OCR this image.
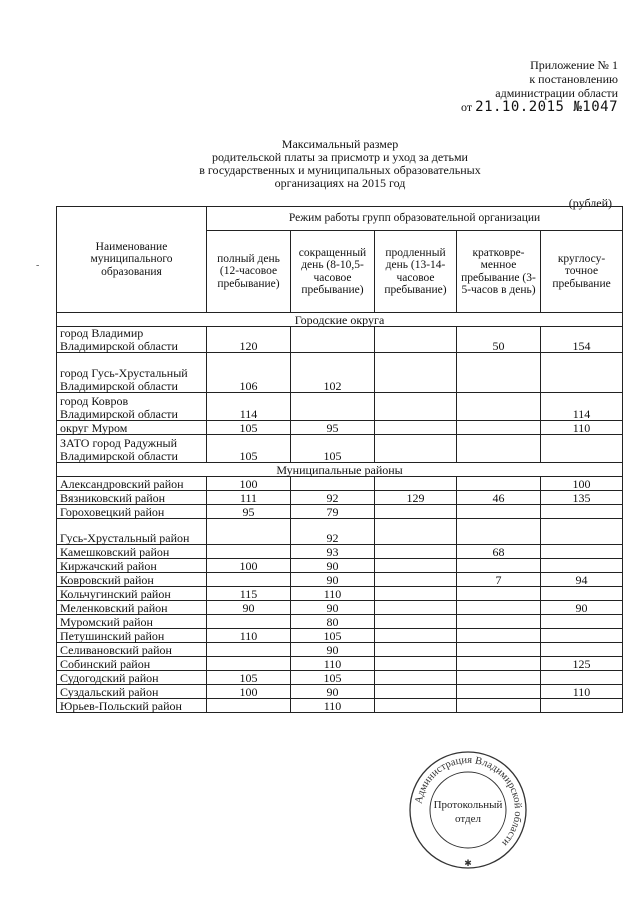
Приложение № 1
к постановлению
администрации области
от 21.10.2015 №1047
Максимальный размер
родительской платы за присмотр и уход за детьми
в государственных и муниципальных образовательных
организациях на 2015 год
(рублей)
‐
Наименование муниципального образования	Режим работы групп образовательной организации				
	полный день (12-часовое пребывание)	сокращенный день (8-10,5-часовое пребывание)	продленный день (13-14-часовое пребывание)	кратковре-менное пребывание (3-5-часов в день)	круглосу-точное пребывание
Городские округа					
город Владимир Владимирской области	120			50	154
город Гусь-Хрустальный Владимирской области	106	102			
город Ковров Владимирской области	114				114
округ Муром	105	95			110
ЗАТО город Радужный Владимирской области	105	105			
Муниципальные районы					
Александровский район	100				100
Вязниковский район	111	92	129	46	135
Гороховецкий район	95	79			
Гусь-Хрустальный район		92			
Камешковский район		93		68	
Киржачский район	100	90			
Ковровский район		90		7	94
Кольчугинский район	115	110			
Меленковский район	90	90			90
Муромский район		80			
Петушинский район	110	105			
Селивановский район		90			
Собинский район		110			125
Судогодский район	105	105			
Суздальский район	100	90			110
Юрьев-Польский район		110			
Администрация Владимирской области
Протокольный
отдел
✱
